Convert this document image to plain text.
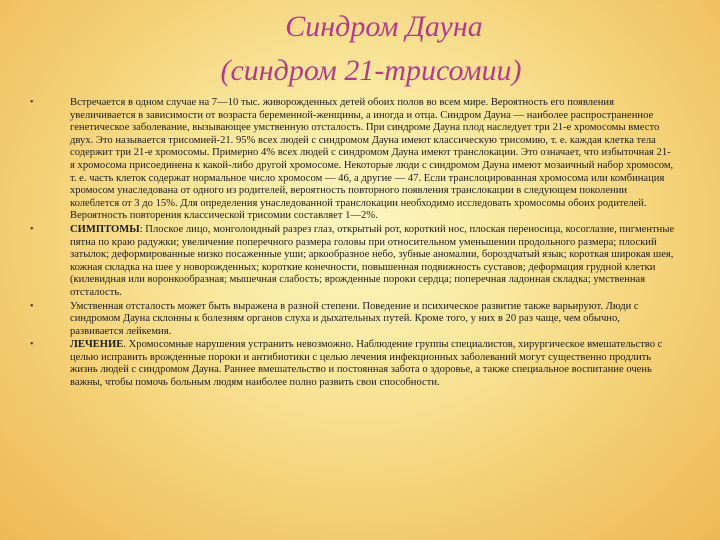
Синдром Дауна
(синдром 21-трисомии)
•	Встречается в одном случае на 7—10 тыс. живорожденных детей обоих полов во всем мире. Вероятность его появления увеличивается в зависимости от возраста беременной-женщины, а иногда и отца. Синдром Дауна — наиболее распространенное генетическое заболевание, вызывающее умственную отсталость. При синдроме Дауна плод наследует три 21-е хромосомы вместо двух. Это называется трисомией-21. 95% всех людей с синдромом Дауна имеют классическую трисомию, т. е. каждая клетка тела содержит три 21-е хромосомы. Примерно 4% всех людей с синдромом Дауна имеют транслокации. Это означает, что избыточная 21-я хромосома присоединена к какой-либо другой хромосоме. Некоторые люди с синдромом Дауна имеют мозаичный набор хромосом, т. е. часть клеток содержат нормальное число хромосом — 46, а другие — 47. Если транслоцированная хромосома или комбинация хромосом унаследована от одного из родителей, вероятность повторного появления транслокации в следующем поколении колеблется от 3 до 15%. Для определения унаследованной транслокации необходимо исследовать хромосомы обоих родителей. Вероятность повторения классической трисомии составляет 1—2%.
•	СИМПТОМЫ: Плоское лицо, монголоидный разрез глаз, открытый рот, короткий нос, плоская переносица, косоглазие, пигментные пятна по краю радужки; увеличение поперечного размера головы при относительном уменьшении продольного размера; плоский затылок; деформированные низко посаженные уши; аркообразное небо, зубные аномалии, бороздчатый язык; короткая широкая шея, кожная складка на шее у новорожденных; короткие конечности, повышенная подвижность суставов; деформация грудной клетки (килевидная или воронкообразная; мышечная слабость; врожденные пороки сердца; поперечная ладонная складка; умственная отсталость.
•	Умственная отсталость может быть выражена в разной степени. Поведение и психическое развитие также варьируют. Люди с синдромом Дауна склонны к болезням органов слуха и дыхательных путей. Кроме того, у них в 20 раз чаще, чем обычно, развивается лейкемия.
•	ЛЕЧЕНИЕ. Хромосомные нарушения устранить невозможно. Наблюдение группы специалистов, хирургическое вмешательство с целью исправить врожденные пороки и антибиотики с целью лечения инфекционных заболеваний могут существенно продлить жизнь людей с синдромом Дауна. Раннее вмешательство и постоянная забота о здоровье, а также специальное воспитание очень важны, чтобы помочь больным людям наиболее полно развить свои способности.
